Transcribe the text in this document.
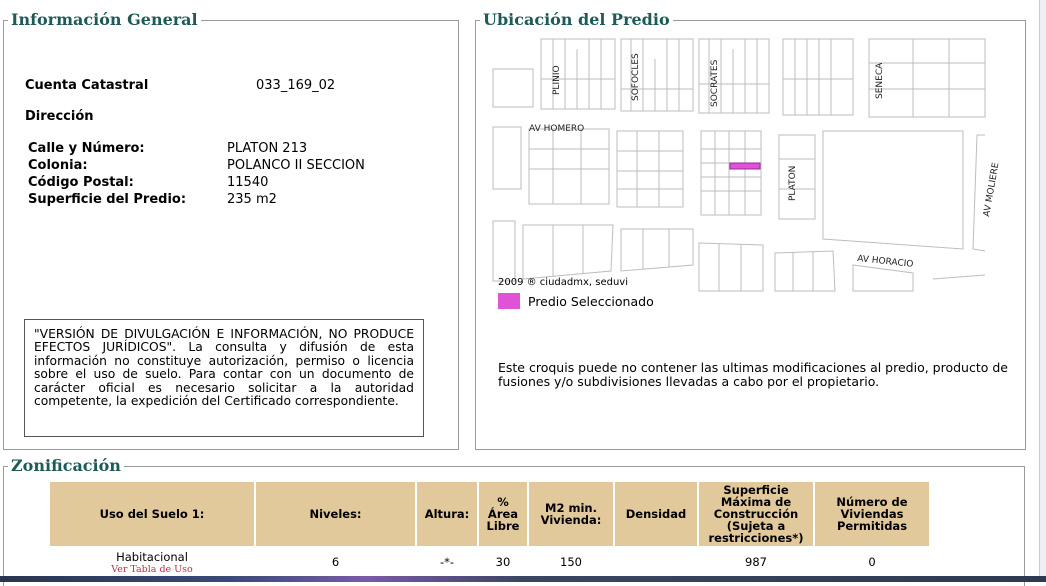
Información General
Cuenta Catastral	033_169_02
Dirección
Calle y Número:	PLATON 213
Colonia:	POLANCO II SECCION
Código Postal:	11540
Superficie del Predio:	235 m2
"VERSIÓN DE DIVULGACIÓN E INFORMACIÓN, NO PRODUCE EFECTOS JURÍDICOS". La consulta y difusión de esta información no constituye autorización, permiso o licencia sobre el uso de suelo. Para contar con un documento de carácter oficial es necesario solicitar a la autoridad competente, la expedición del Certificado correspondiente.
Ubicación del Predio
PLINIO	SOFOCLES	SOCRATES	SENECA
AV HOMERO
PLATON	AV MOLIERE
AV HORACIO
2009 ® ciudadmx, seduvi
Predio Seleccionado
Este croquis puede no contener las ultimas modificaciones al predio, producto de fusiones y/o subdivisiones llevadas a cabo por el propietario.
Zonificación
Uso del Suelo 1:	Niveles:	Altura:	% Área Libre	M2 min. Vivienda:	Densidad	Superficie Máxima de Construcción (Sujeta a restricciones*)	Número de Viviendas Permitidas
Habitacional
Ver Tabla de Uso	6	-*-	30	150		987	0
